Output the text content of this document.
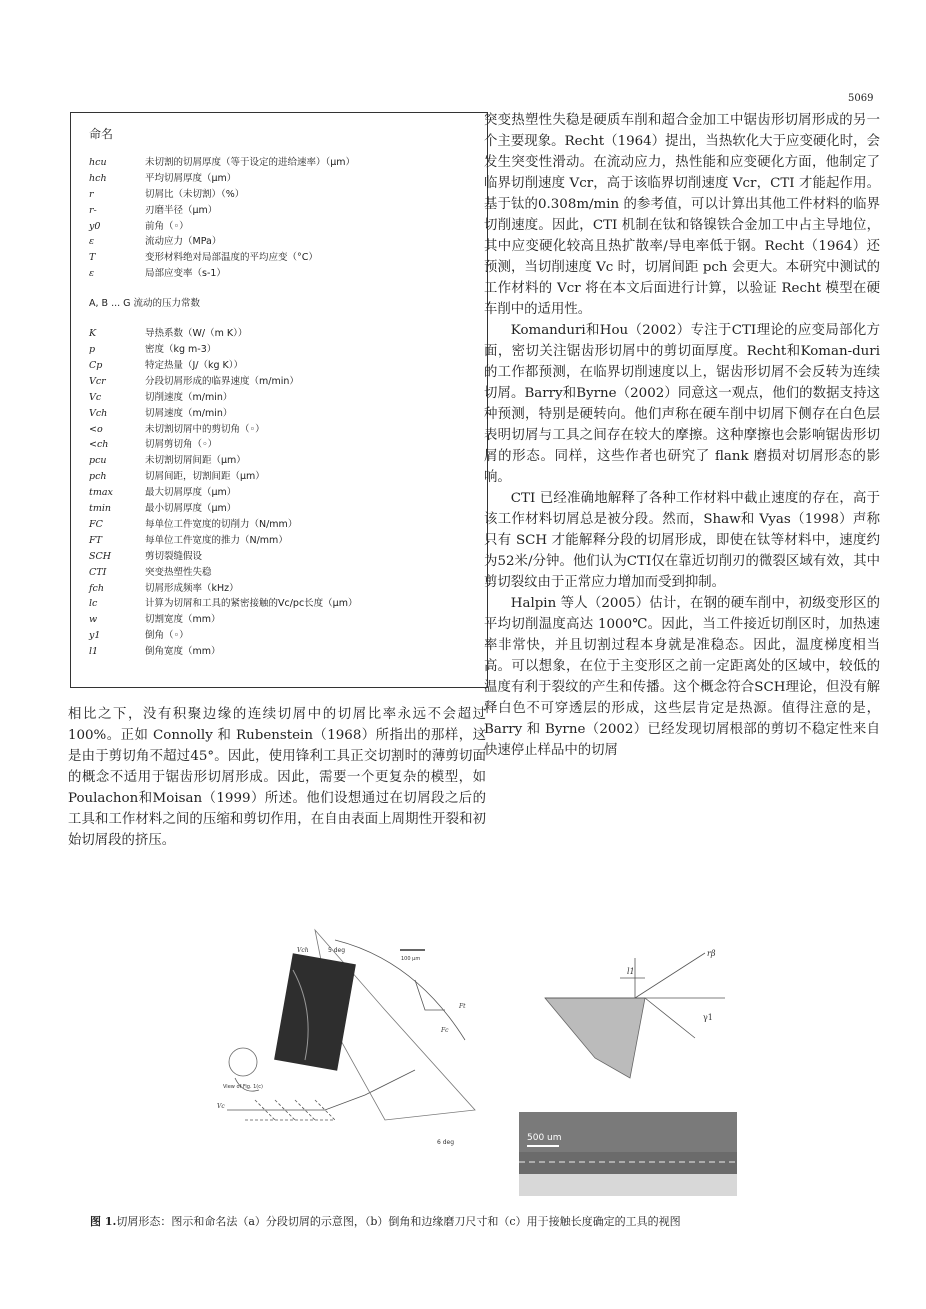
5069
命名
hcu	未切割的切屑厚度（等于设定的进给速率）（μm）
hch	平均切屑厚度（μm）
r	切屑比（未切割）（%）
r-	刃磨半径（μm）
y0	前角（◦）
ε	流动应力（MPa）
T	变形材料绝对局部温度的平均应变（°C）
ε	局部应变率（s-1）
A, B ... G 流动的压力常数
K	导热系数（W/（m K））
p	密度（kg m-3）
Cp	特定热量（J/（kg K））
Vcr	分段切屑形成的临界速度（m/min）
Vc	切削速度（m/min）
Vch	切屑速度（m/min）
<o	未切割切屑中的剪切角（◦）
<ch	切屑剪切角（◦）
pcu	未切割切屑间距（μm）
pch	切屑间距，切割间距（μm）
tmax	最大切屑厚度（μm）
tmin	最小切屑厚度（μm）
FC	每单位工件宽度的切削力（N/mm）
FT	每单位工件宽度的推力（N/mm）
SCH	剪切裂缝假设
CTI	突变热塑性失稳
fch	切屑形成频率（kHz）
lc	计算为切屑和工具的紧密接触的Vc/pc长度（μm）
w	切割宽度（mm）
y1	倒角（◦）
l1	倒角宽度（mm）

相比之下，没有积聚边缘的连续切屑中的切屑比率永远不会超过 100%。正如 Connolly 和 Rubenstein（1968）所指出的那样，这是由于剪切角不超过45°。因此，使用锋利工具正交切割时的薄剪切面的概念不适用于锯齿形切屑形成。因此，需要一个更复杂的模型，如Poulachon和Moisan（1999）所述。他们设想通过在切屑段之后的工具和工作材料之间的压缩和剪切作用，在自由表面上周期性开裂和初始切屑段的挤压。

突变热塑性失稳是硬质车削和超合金加工中锯齿形切屑形成的另一个主要现象。Recht（1964）提出，当热软化大于应变硬化时，会发生突变性滑动。在流动应力，热性能和应变硬化方面，他制定了临界切削速度 Vcr，高于该临界切削速度 Vcr，CTI 才能起作用。基于钛的0.308m/min 的参考值，可以计算出其他工件材料的临界切削速度。因此，CTI 机制在钛和铬镍铁合金加工中占主导地位，其中应变硬化较高且热扩散率/导电率低于钢。Recht（1964）还预测，当切削速度 Vc 时，切屑间距 pch 会更大。本研究中测试的工作材料的 Vcr 将在本文后面进行计算，以验证 Recht 模型在硬车削中的适用性。

Komanduri和Hou（2002）专注于CTI理论的应变局部化方面，密切关注锯齿形切屑中的剪切面厚度。Recht和Koman-duri的工作都预测，在临界切削速度以上，锯齿形切屑不会反转为连续切屑。Barry和Byrne（2002）同意这一观点，他们的数据支持这种预测，特别是硬转向。他们声称在硬车削中切屑下侧存在白色层表明切屑与工具之间存在较大的摩擦。这种摩擦也会影响锯齿形切屑的形态。同样，这些作者也研究了 flank 磨损对切屑形态的影响。

CTI 已经准确地解释了各种工作材料中截止速度的存在，高于该工作材料切屑总是被分段。然而，Shaw和 Vyas（1998）声称只有 SCH 才能解释分段的切屑形成，即使在钛等材料中，速度约为52米/分钟。他们认为CTI仅在靠近切削刃的微裂区域有效，其中剪切裂纹由于正常应力增加而受到抑制。

Halpin 等人（2005）估计，在钢的硬车削中，初级变形区的平均切削温度高达 1000℃。因此，当工件接近切削区时，加热速率非常快，并且切割过程本身就是准稳态。因此，温度梯度相当高。可以想象，在位于主变形区之前一定距离处的区域中，较低的温度有利于裂纹的产生和传播。这个概念符合SCH理论，但没有解释白色不可穿透层的形成，这些层肯定是热源。值得注意的是，Barry 和 Byrne（2002）已经发现切屑根部的剪切不稳定性来自快速停止样品中的切屑

100 µm
5 deg
6 deg
View of Fig. 1(c)
Vc
Vch
Fc
Ft
l1
γ1
rβ
500 um
图 1.切屑形态：图示和命名法（a）分段切屑的示意图，（b）倒角和边缘磨刀尺寸和（c）用于接触长度确定的工具的视图
